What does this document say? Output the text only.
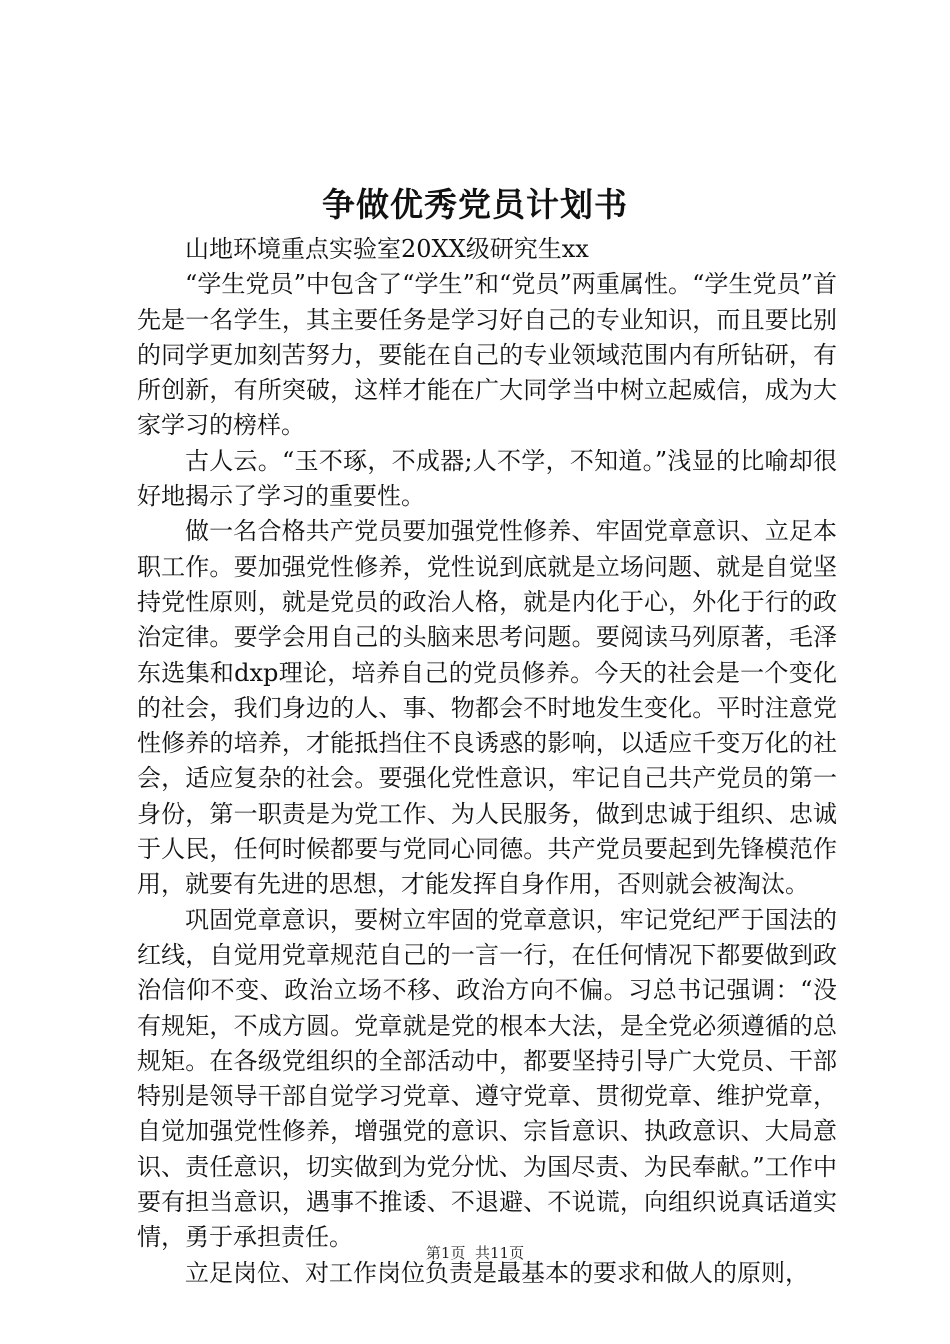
争做优秀党员计划书

山地环境重点实验室20XX级研究生xx

“学生党员”中包含了“学生”和“党员”两重属性。“学生党员”首先是一名学生，其主要任务是学习好自己的专业知识，而且要比别的同学更加刻苦努力，要能在自己的专业领域范围内有所钻研，有所创新，有所突破，这样才能在广大同学当中树立起威信，成为大家学习的榜样。

古人云。“玉不琢，不成器;人不学，不知道。”浅显的比喻却很好地揭示了学习的重要性。

做一名合格共产党员要加强党性修养、牢固党章意识、立足本职工作。要加强党性修养，党性说到底就是立场问题、就是自觉坚持党性原则，就是党员的政治人格，就是内化于心，外化于行的政治定律。要学会用自己的头脑来思考问题。要阅读马列原著，毛泽东选集和dxp理论，培养自己的党员修养。今天的社会是一个变化的社会，我们身边的人、事、物都会不时地发生变化。平时注意党性修养的培养，才能抵挡住不良诱惑的影响，以适应千变万化的社会，适应复杂的社会。要强化党性意识，牢记自己共产党员的第一身份，第一职责是为党工作、为人民服务，做到忠诚于组织、忠诚于人民，任何时候都要与党同心同德。共产党员要起到先锋模范作用，就要有先进的思想，才能发挥自身作用，否则就会被淘汰。

巩固党章意识，要树立牢固的党章意识，牢记党纪严于国法的红线，自觉用党章规范自己的一言一行，在任何情况下都要做到政治信仰不变、政治立场不移、政治方向不偏。习总书记强调：“没有规矩，不成方圆。党章就是党的根本大法，是全党必须遵循的总规矩。在各级党组织的全部活动中，都要坚持引导广大党员、干部特别是领导干部自觉学习党章、遵守党章、贯彻党章、维护党章，自觉加强党性修养，增强党的意识、宗旨意识、执政意识、大局意识、责任意识，切实做到为党分忧、为国尽责、为民奉献。”工作中要有担当意识，遇事不推诿、不退避、不说谎，向组织说真话道实情，勇于承担责任。

立足岗位、对工作岗位负责是最基本的要求和做人的原则，

第1页 共11页
